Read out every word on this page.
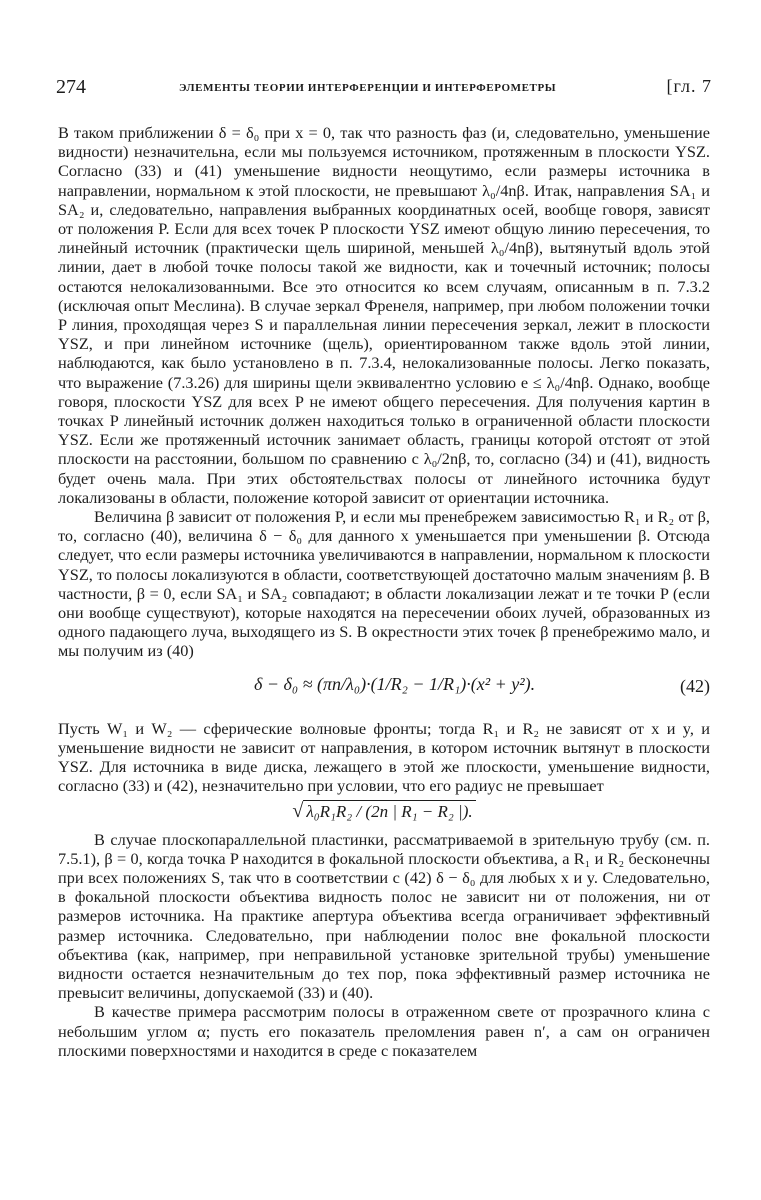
274	ЭЛЕМЕНТЫ ТЕОРИИ ИНТЕРФЕРЕНЦИИ И ИНТЕРФЕРОМЕТРЫ	[гл. 7

В таком приближении δ = δ₀ при x = 0, так что разность фаз (и, следовательно, уменьшение видности) незначительна, если мы пользуемся источником, протяженным в плоскости YSZ. Согласно (33) и (41) уменьшение видности неощутимо, если размеры источника в направлении, нормальном к этой плоскости, не превышают λ₀/4nβ. Итак, направления SA₁ и SA₂ и, следовательно, направления выбранных координатных осей, вообще говоря, зависят от положения P. Если для всех точек P плоскости YSZ имеют общую линию пересечения, то линейный источник (практически щель шириной, меньшей λ₀/4nβ), вытянутый вдоль этой линии, дает в любой точке полосы такой же видности, как и точечный источник; полосы остаются нелокализованными. Все это относится ко всем случаям, описанным в п. 7.3.2 (исключая опыт Меслина). В случае зеркал Френеля, например, при любом положении точки P линия, проходящая через S и параллельная линии пересечения зеркал, лежит в плоскости YSZ, и при линейном источнике (щель), ориентированном также вдоль этой линии, наблюдаются, как было установлено в п. 7.3.4, нелокализованные полосы. Легко показать, что выражение (7.3.26) для ширины щели эквивалентно условию e ≤ λ₀/4nβ. Однако, вообще говоря, плоскости YSZ для всех P не имеют общего пересечения. Для получения картин в точках P линейный источник должен находиться только в ограниченной области плоскости YSZ. Если же протяженный источник занимает область, границы которой отстоят от этой плоскости на расстоянии, большом по сравнению с λ₀/2nβ, то, согласно (34) и (41), видность будет очень мала. При этих обстоятельствах полосы от линейного источника будут локализованы в области, положение которой зависит от ориентации источника.

Величина β зависит от положения P, и если мы пренебрежем зависимостью R₁ и R₂ от β, то, согласно (40), величина δ − δ₀ для данного x уменьшается при уменьшении β. Отсюда следует, что если размеры источника увеличиваются в направлении, нормальном к плоскости YSZ, то полосы локализуются в области, соответствующей достаточно малым значениям β. В частности, β = 0, если SA₁ и SA₂ совпадают; в области локализации лежат и те точки P (если они вообще существуют), которые находятся на пересечении обоих лучей, образованных из одного падающего луча, выходящего из S. В окрестности этих точек β пренебрежимо мало, и мы получим из (40)

δ − δ₀ ≈ (πn/λ₀)·(1/R₂ − 1/R₁)·(x² + y²).	(42)

Пусть W₁ и W₂ — сферические волновые фронты; тогда R₁ и R₂ не зависят от x и y, и уменьшение видности не зависит от направления, в котором источник вытянут в плоскости YSZ. Для источника в виде диска, лежащего в этой же плоскости, уменьшение видности, согласно (33) и (42), незначительно при условии, что его радиус не превышает

√ λ₀R₁R₂ / (2n | R₁ − R₂ |).

В случае плоскопараллельной пластинки, рассматриваемой в зрительную трубу (см. п. 7.5.1), β = 0, когда точка P находится в фокальной плоскости объектива, а R₁ и R₂ бесконечны при всех положениях S, так что в соответствии с (42) δ − δ₀ для любых x и y. Следовательно, в фокальной плоскости объектива видность полос не зависит ни от положения, ни от размеров источника. На практике апертура объектива всегда ограничивает эффективный размер источника. Следовательно, при наблюдении полос вне фокальной плоскости объектива (как, например, при неправильной установке зрительной трубы) уменьшение видности остается незначительным до тех пор, пока эффективный размер источника не превысит величины, допускаемой (33) и (40).

В качестве примера рассмотрим полосы в отраженном свете от прозрачного клина с небольшим углом α; пусть его показатель преломления равен n′, а сам он ограничен плоскими поверхностями и находится в среде с показателем
